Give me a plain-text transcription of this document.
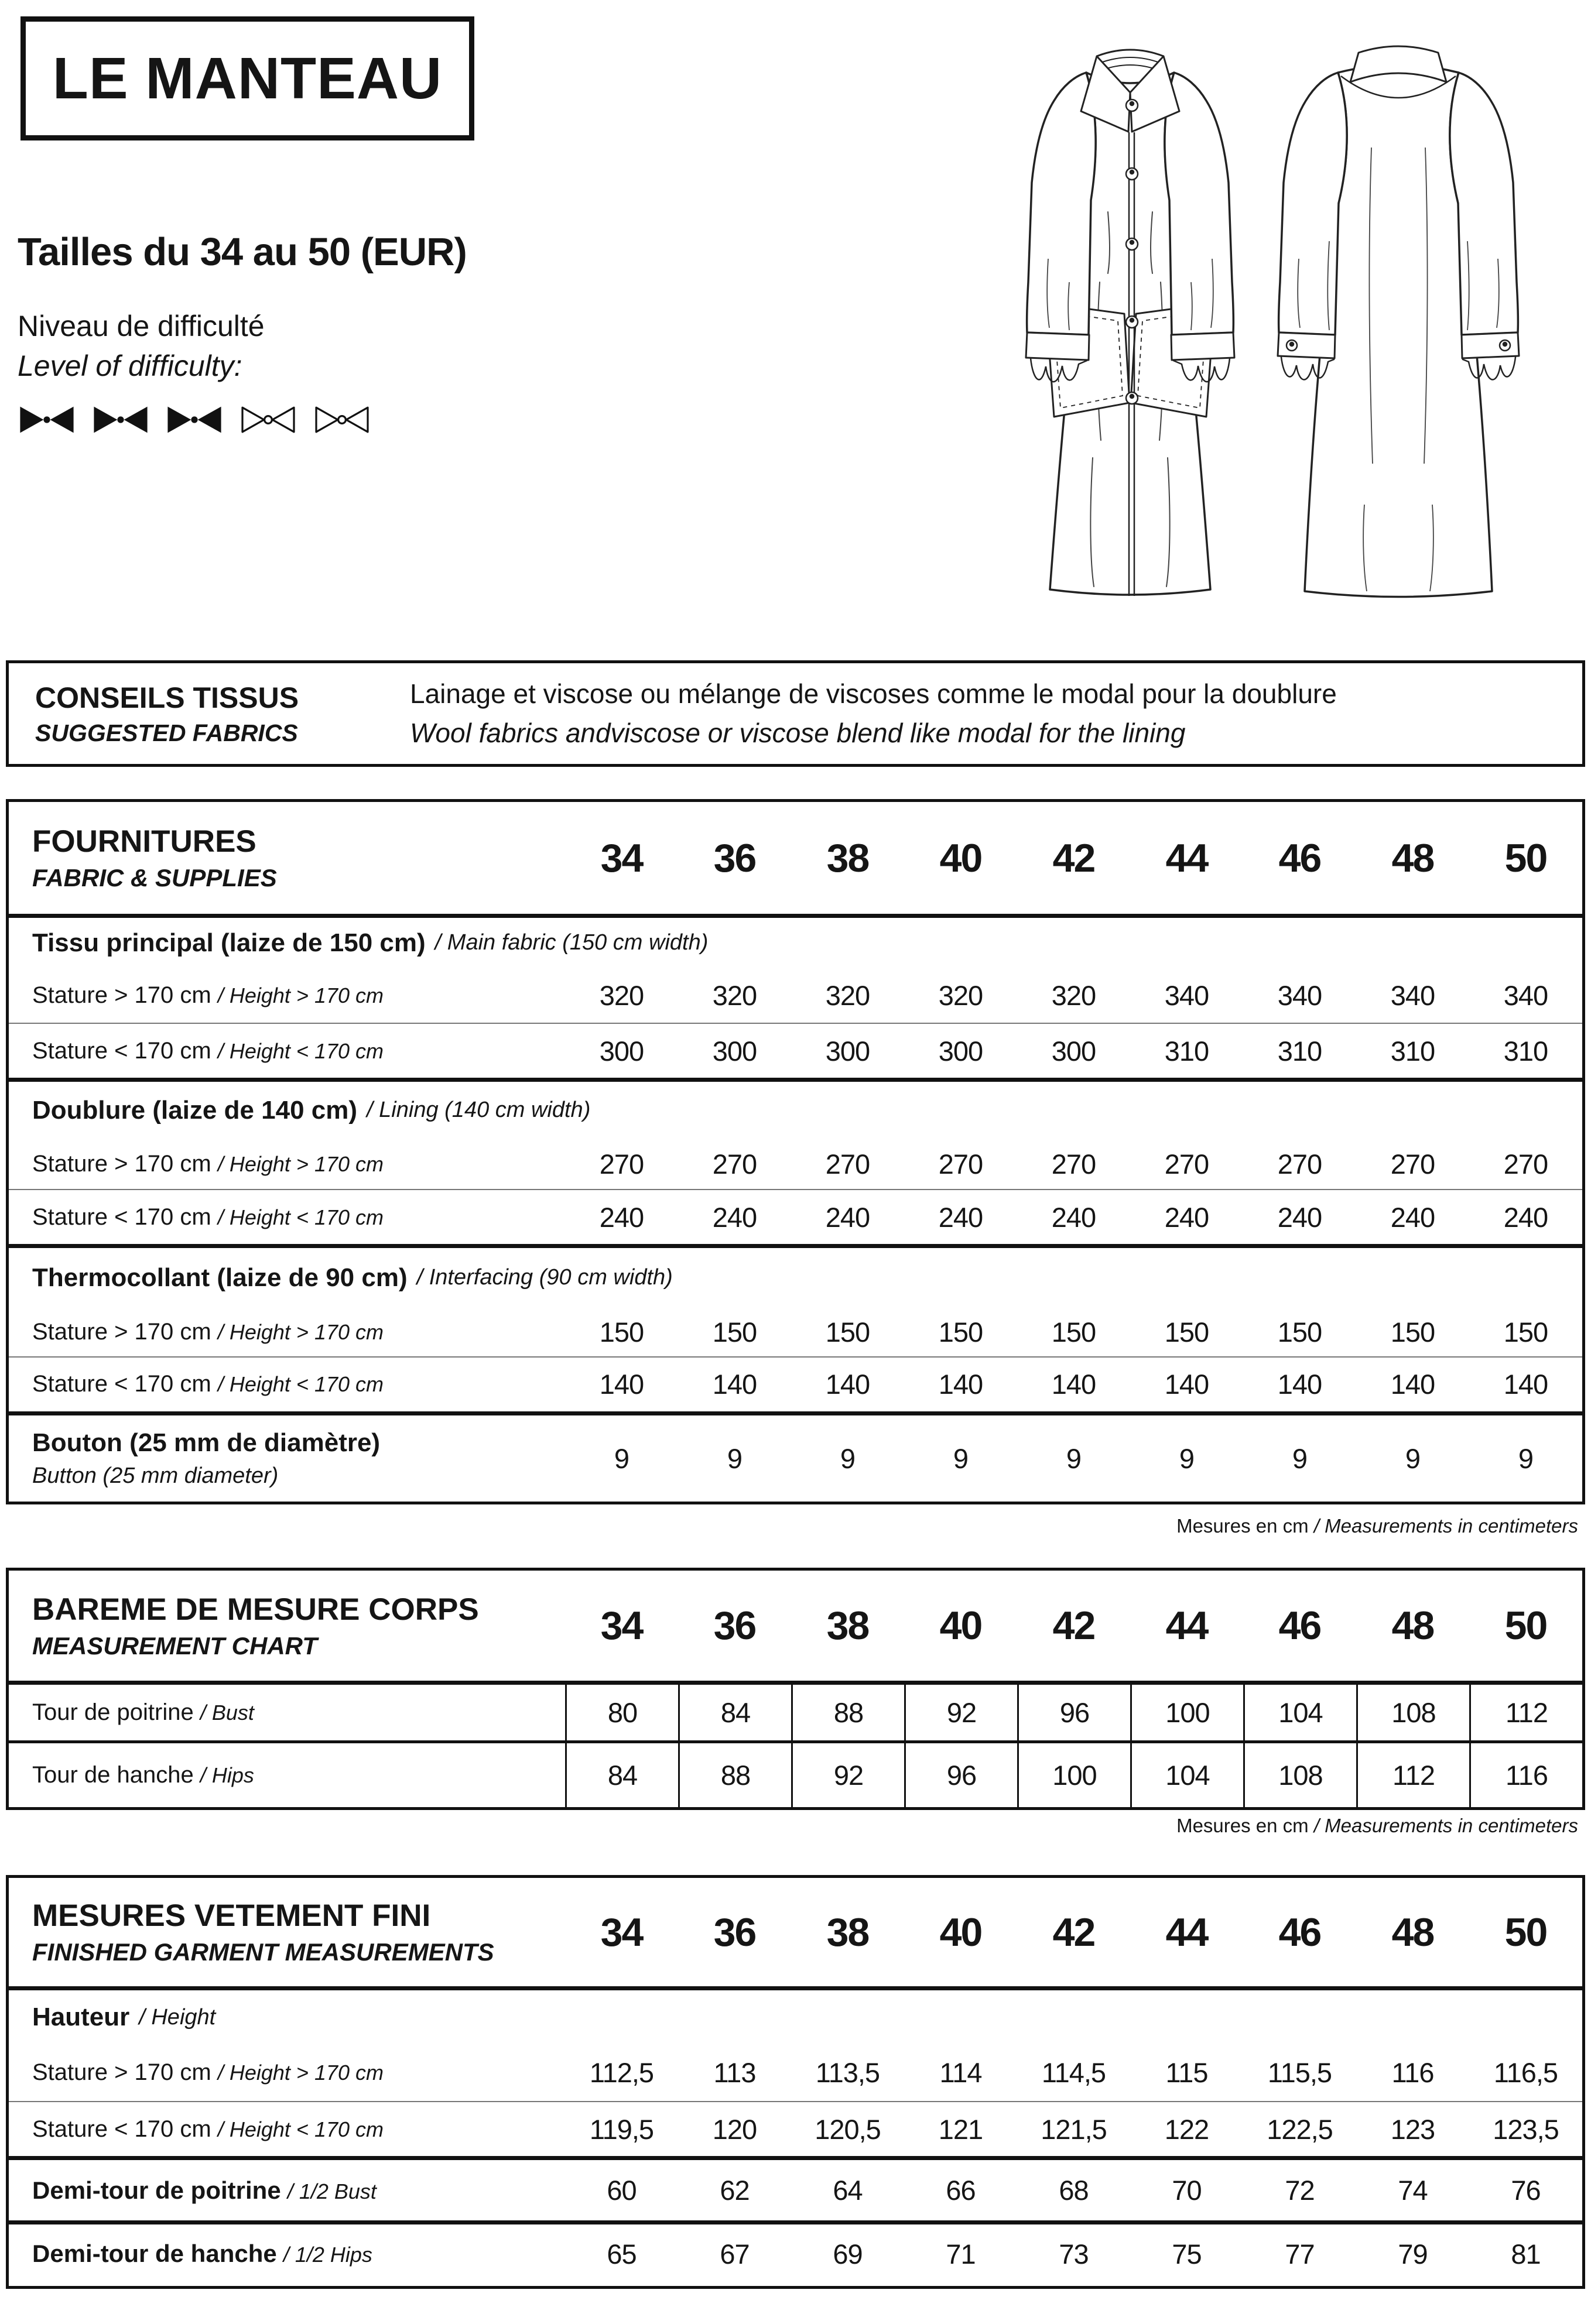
LE MANTEAU
Tailles du 34 au 50 (EUR)
Niveau de difficulté
Level of difficulty:
CONSEILS TISSUS
SUGGESTED FABRICS
Lainage et viscose ou mélange de viscoses comme le modal pour la doublure
Wool fabrics andviscose or viscose blend like modal for the lining
FOURNITURES
FABRIC & SUPPLIES	34	36	38	40	42	44	46	48	50
Tissu principal (laize de 150 cm) / Main fabric (150 cm width)
Stature > 170 cm / Height > 170 cm	320	320	320	320	320	340	340	340	340
Stature < 170 cm / Height < 170 cm	300	300	300	300	300	310	310	310	310
Doublure (laize de 140 cm) / Lining (140 cm width)
Stature > 170 cm / Height > 170 cm	270	270	270	270	270	270	270	270	270
Stature < 170 cm / Height < 170 cm	240	240	240	240	240	240	240	240	240
Thermocollant (laize de 90 cm) / Interfacing (90 cm width)
Stature > 170 cm / Height > 170 cm	150	150	150	150	150	150	150	150	150
Stature < 170 cm / Height < 170 cm	140	140	140	140	140	140	140	140	140
Bouton (25 mm de diamètre)
Button (25 mm diameter)
9	9	9	9	9	9	9	9	9
Mesures en cm / Measurements in centimeters
BAREME DE MESURE CORPS
MEASUREMENT CHART	34	36	38	40	42	44	46	48	50
Tour de poitrine / Bust	80	84	88	92	96	100	104	108	112
Tour de hanche / Hips	84	88	92	96	100	104	108	112	116
Mesures en cm / Measurements in centimeters
MESURES VETEMENT FINI
FINISHED GARMENT MEASUREMENTS	34	36	38	40	42	44	46	48	50
Hauteur / Height
Stature > 170 cm / Height > 170 cm	112,5	113	113,5	114	114,5	115	115,5	116	116,5
Stature < 170 cm / Height < 170 cm	119,5	120	120,5	121	121,5	122	122,5	123	123,5
Demi-tour de poitrine / 1/2 Bust	60	62	64	66	68	70	72	74	76
Demi-tour de hanche / 1/2 Hips	65	67	69	71	73	75	77	79	81
